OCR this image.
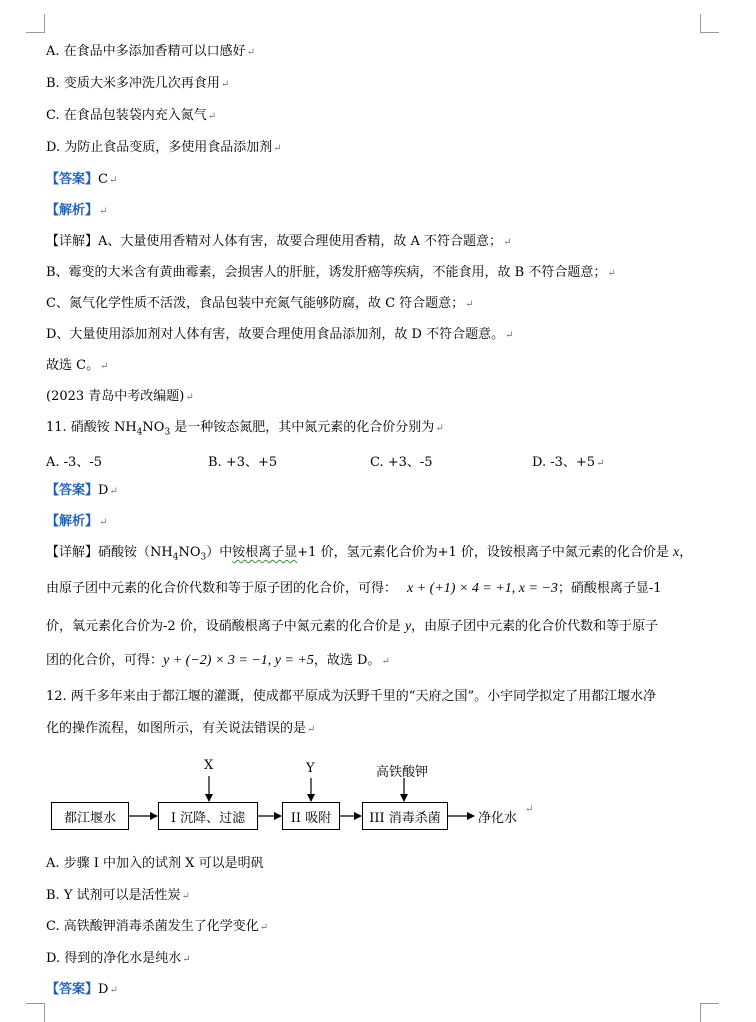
A. 在食品中多添加香精可以口感好↵
B. 变质大米多冲洗几次再食用↵
C. 在食品包装袋内充入氮气↵
D. 为防止食品变质，多使用食品添加剂↵
【答案】C↵
【解析】↵
【详解】A、大量使用香精对人体有害，故要合理使用香精，故 A 不符合题意；↵
B、霉变的大米含有黄曲霉素，会损害人的肝脏，诱发肝癌等疾病，不能食用，故 B 不符合题意；↵
C、氮气化学性质不活泼，食品包装中充氮气能够防腐，故 C 符合题意；↵
D、大量使用添加剂对人体有害，故要合理使用食品添加剂，故 D 不符合题意。↵
故选 C。↵
(2023 青岛中考改编题)↵
11. 硝酸铵 $NH_4NO_3$ 是一种铵态氮肥，其中氮元素的化合价分别为↵
A. -3、-5	B. +3、+5	C. +3、-5	D. -3、+5↵
【答案】D↵
【解析】↵
【详解】硝酸铵$(NH_4NO_3)$中铵根离子显+1 价，氢元素化合价为+1 价，设铵根离子中氮元素的化合价是 x，
由原子团中元素的化合价代数和等于原子团的化合价，可得： x + (+1) × 4 = +1, x = −3；硝酸根离子显-1
价，氧元素化合价为-2 价，设硝酸根离子中氮元素的化合价是 y，由原子团中元素的化合价代数和等于原子
团的化合价，可得：y + (−2) × 3 = −1, y = +5，故选 D。↵
12. 两千多年来由于都江堰的灌溉，使成都平原成为沃野千里的“天府之国”。小宇同学拟定了用都江堰水净
化的操作流程，如图所示，有关说法错误的是↵
都江堰水	I 沉降、过滤	II 吸附	III 消毒杀菌	净化水↵
X	Y	高铁酸钾
A. 步骤 I 中加入的试剂 X 可以是明矾
B. Y 试剂可以是活性炭↵
C. 高铁酸钾消毒杀菌发生了化学变化↵
D. 得到的净化水是纯水↵
【答案】D↵
